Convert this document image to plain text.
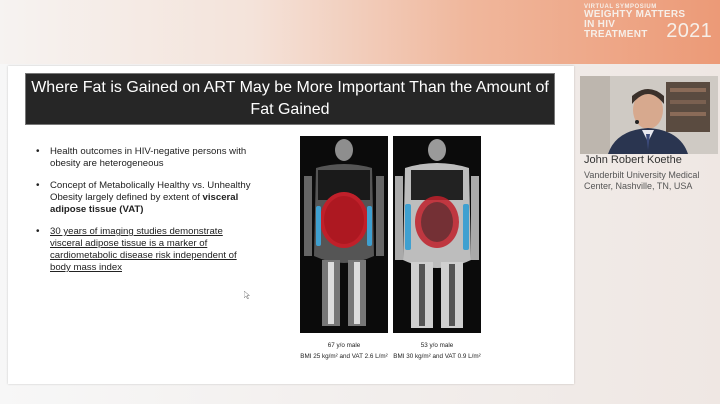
VIRTUAL SYMPOSIUM
WEIGHTY MATTERS
IN HIV TREATMENT 2021
Where Fat is Gained on ART May be More Important Than the Amount of Fat Gained
• Health outcomes in HIV-negative persons with obesity are heterogeneous
• Concept of Metabolically Healthy vs. Unhealthy Obesity largely defined by extent of visceral adipose tissue (VAT)
• 30 years of imaging studies demonstrate visceral adipose tissue is a marker of cardiometabolic disease risk independent of body mass index
67 y/o male
BMI 25 kg/m² and VAT 2.6 L/m²
53 y/o male
BMI 30 kg/m² and VAT 0.9 L/m²
John Robert Koethe
Vanderbilt University Medical Center, Nashville, TN, USA
